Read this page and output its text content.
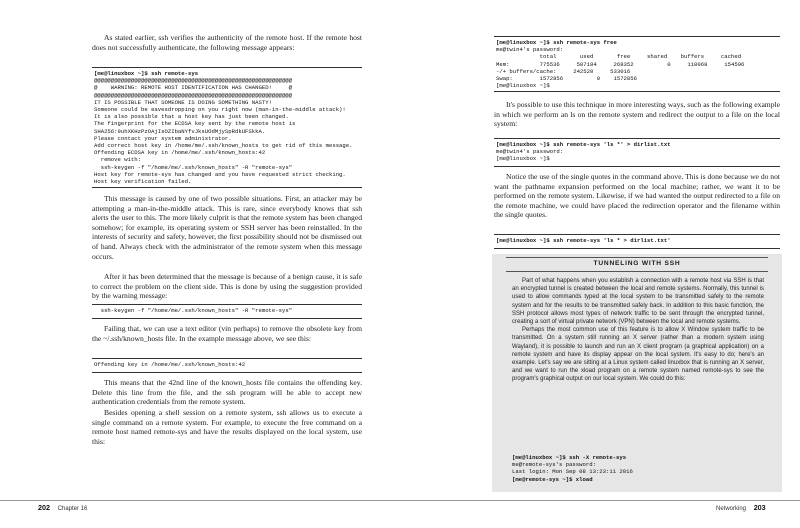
As stated earlier, ssh verifies the authenticity of the remote host. If the remote host does not successfully authenticate, the following message appears:

[me@linuxbox ~]$ ssh remote-sys
@@@@@@@@@@@@@@@@@@@@@@@@@@@@@@@@@@@@@@@@@@@@@@@@@@@@@@@@@@@
@    WARNING: REMOTE HOST IDENTIFICATION HAS CHANGED!     @
@@@@@@@@@@@@@@@@@@@@@@@@@@@@@@@@@@@@@@@@@@@@@@@@@@@@@@@@@@@
IT IS POSSIBLE THAT SOMEONE IS DOING SOMETHING NASTY!
Someone could be eavesdropping on you right now (man-in-the-middle attack)!
It is also possible that a host key has just been changed.
The fingerprint for the ECDSA key sent by the remote host is
SHA256:9uhXKHzPzOAjIsOZIbaNYfvJksUOdMjySpRdkUFSkkA.
Please contact your system administrator.
Add correct host key in /home/me/.ssh/known_hosts to get rid of this message.
Offending ECDSA key in /home/me/.ssh/known_hosts:42
remove with:
ssh-keygen -f "/home/me/.ssh/known_hosts" -R "remote-sys"
Host key for remote-sys has changed and you have requested strict checking.
Host key verification failed.

This message is caused by one of two possible situations. First, an attacker may be attempting a man-in-the-middle attack. This is rare, since everybody knows that ssh alerts the user to this. The more likely culprit is that the remote system has been changed somehow; for example, its operating system or SSH server has been reinstalled. In the interests of security and safety, however, the first possibility should not be dismissed out of hand. Always check with the administrator of the remote system when this message occurs.

After it has been determined that the message is because of a benign cause, it is safe to correct the problem on the client side. This is done by using the suggestion provided by the warning message:

ssh-keygen -f "/home/me/.ssh/known_hosts" -R "remote-sys"

Failing that, we can use a text editor (vin perhaps) to remove the obsolete key from the ~/.ssh/known_hosts file. In the example message above, we see this:

Offending key in /home/me/.ssh/known_hosts:42

This means that the 42nd line of the known_hosts file contains the offending key. Delete this line from the file, and the ssh program will be able to accept new authentication credentials from the remote system.

Besides opening a shell session on a remote system, ssh allows us to execute a single command on a remote system. For example, to execute the free command on a remote host named remote-sys and have the results displayed on the local system, use this:

202 Chapter 16
[me@linuxbox ~]$ ssh remote-sys free
me@twin4's password:
total       used       free     shared    buffers     cached
Mem:         775536     507184     268352          0     110068     154596
-/+ buffers/cache:     242520     533016
Swap:        1572856          0    1572856
[me@linuxbox ~]$

It's possible to use this technique in more interesting ways, such as the following example in which we perform an ls on the remote system and redirect the output to a file on the local system:

[me@linuxbox ~]$ ssh remote-sys 'ls *' > dirlist.txt
me@twin4's password:
[me@linuxbox ~]$

Notice the use of the single quotes in the command above. This is done because we do not want the pathname expansion performed on the local machine; rather, we want it to be performed on the remote system. Likewise, if we had wanted the output redirected to a file on the remote machine, we could have placed the redirection operator and the filename within the single quotes.

[me@linuxbox ~]$ ssh remote-sys 'ls * > dirlist.txt'
TUNNELING WITH SSH

Part of what happens when you establish a connection with a remote host via SSH is that an encrypted tunnel is created between the local and remote systems. Normally, this tunnel is used to allow commands typed at the local system to be transmitted safely to the remote system and for the results to be transmitted safely back. In addition to this basic function, the SSH protocol allows most types of network traffic to be sent through the encrypted tunnel, creating a sort of virtual private network (VPN) between the local and remote systems.

Perhaps the most common use of this feature is to allow X Window system traffic to be transmitted. On a system still running an X server (rather than a modern system using Wayland), it is possible to launch and run an X client program (a graphical application) on a remote system and have its display appear on the local system. It's easy to do; here's an example. Let's say we are sitting at a Linux system called linuxbox that is running an X server, and we want to run the xload program on a remote system named remote-sys to see the program's graphical output on our local system. We could do this:

[me@linuxbox ~]$ ssh -X remote-sys
me@remote-sys's password:
Last login: Mon Sep 08 13:23:11 2016
[me@remote-sys ~]$ xload
Networking 203
